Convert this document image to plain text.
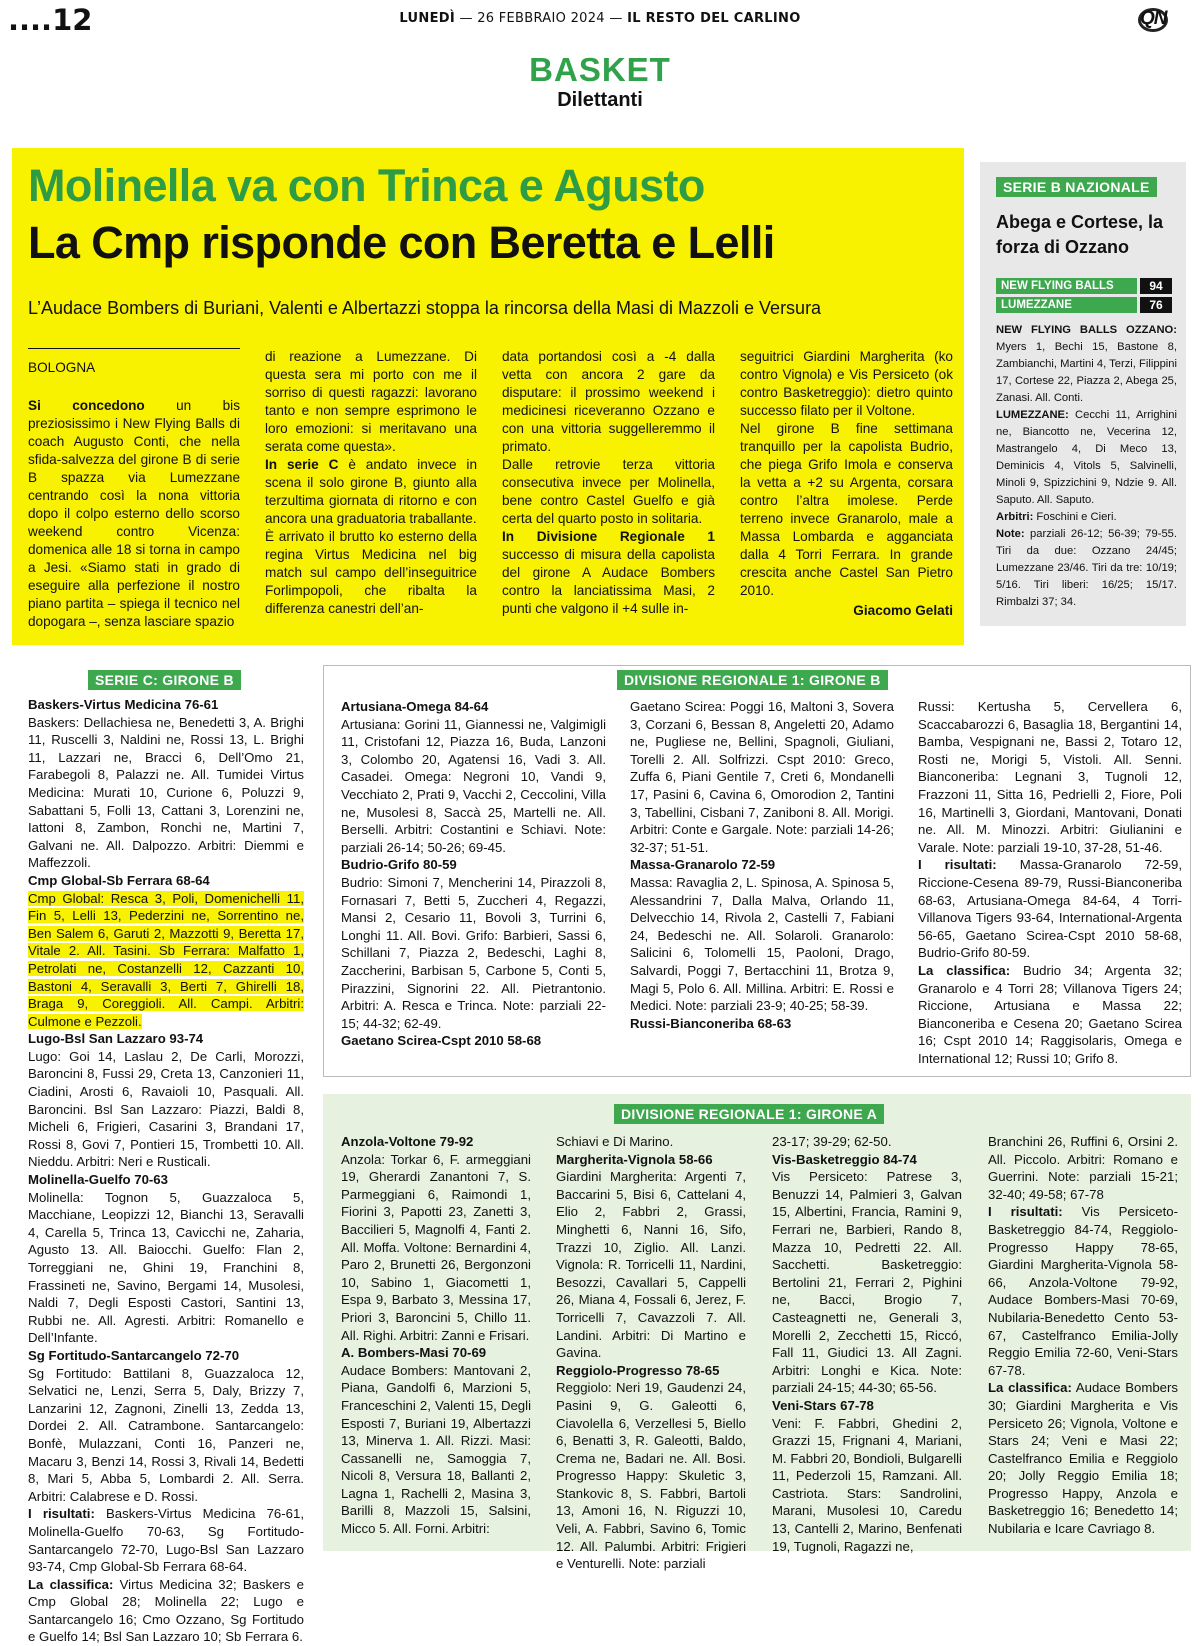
....12	LUNEDÌ — 26 FEBBRAIO 2024 — IL RESTO DEL CARLINO	QN
BASKET
Dilettanti
Molinella va con Trinca e Agusto
La Cmp risponde con Beretta e Lelli
L’Audace Bombers di Buriani, Valenti e Albertazzi stoppa la rincorsa della Masi di Mazzoli e Versura
BOLOGNA

Si concedono un bis preziosissimo i New Flying Balls di coach Augusto Conti, che nella sfida-salvezza del girone B di serie B spazza via Lumezzane centrando così la nona vittoria dopo il colpo esterno dello scorso weekend contro Vicenza: domenica alle 18 si torna in campo a Jesi. «Siamo stati in grado di eseguire alla perfezione il nostro piano partita – spiega il tecnico nel dopogara –, senza lasciare spazio

di reazione a Lumezzane. Di questa sera mi porto con me il sorriso di questi ragazzi: lavorano tanto e non sempre esprimono le loro emozioni: si meritavano una serata come questa».

In serie C è andato invece in scena il solo girone B, giunto alla terzultima giornata di ritorno e con ancora una graduatoria traballante.

È arrivato il brutto ko esterno della regina Virtus Medicina nel big match sul campo dell’inseguitrice Forlimpopoli, che ribalta la differenza canestri dell’an-

data portandosi così a -4 dalla vetta con ancora 2 gare da disputare: il prossimo weekend i medicinesi riceveranno Ozzano e con una vittoria suggelleremmo il primato.

Dalle retrovie terza vittoria consecutiva invece per Molinella, bene contro Castel Guelfo e già certa del quarto posto in solitaria.

In Divisione Regionale 1 successo di misura della capolista del girone A Audace Bombers contro la lanciatissima Masi, 2 punti che valgono il +4 sulle in-

seguitrici Giardini Margherita (ko contro Vignola) e Vis Persiceto (ok contro Basketreggio): dietro quinto successo filato per il Voltone.

Nel girone B fine settimana tranquillo per la capolista Budrio, che piega Grifo Imola e conserva la vetta a +2 su Argenta, corsara contro l’altra imolese. Perde terreno invece Granarolo, male a Massa Lombarda e agganciata dalla 4 Torri Ferrara. In grande crescita anche Castel San Pietro 2010.

Giacomo Gelati
SERIE B NAZIONALE
Abega e Cortese, la forza di Ozzano
NEW FLYING BALLS	94
LUMEZZANE	76

NEW FLYING BALLS OZZANO: Myers 1, Bechi 15, Bastone 8, Zambianchi, Martini 4, Terzi, Filippini 17, Cortese 22, Piazza 2, Abega 25, Zanasi. All. Conti.

LUMEZZANE: Cecchi 11, Arrighini ne, Biancotto ne, Vecerina 12, Mastrangelo 4, Di Meco 13, Deminicis 4, Vitols 5, Salvinelli, Minoli 9, Spizzichini 9, Ndzie 9. All. Saputo. All. Saputo.

Arbitri: Foschini e Cieri.

Note: parziali 26-12; 56-39; 79-55. Tiri da due: Ozzano 24/45; Lumezzane 23/46. Tiri da tre: 10/19; 5/16. Tiri liberi: 16/25; 15/17. Rimbalzi 37; 34.

SERIE C: GIRONE B
Baskers-Virtus Medicina 76-61
Baskers: Dellachiesa ne, Benedetti 3, A. Brighi 11, Ruscelli 3, Naldini ne, Rossi 13, L. Brighi 11, Lazzari ne, Bracci 6, Dell’Omo 21, Farabegoli 8, Palazzi ne. All. Tumidei Virtus Medicina: Murati 10, Curione 6, Poluzzi 9, Sabattani 5, Folli 13, Cattani 3, Lorenzini ne, Iattoni 8, Zambon, Ronchi ne, Martini 7, Galvani ne. All. Dalpozzo. Arbitri: Diemmi e Maffezzoli.
Cmp Global-Sb Ferrara 68-64
Cmp Global: Resca 3, Poli, Domenichelli 11, Fin 5, Lelli 13, Pederzini ne, Sorrentino ne, Ben Salem 6, Garuti 2, Mazzotti 9, Beretta 17, Vitale 2. All. Tasini. Sb Ferrara: Malfatto 1, Petrolati ne, Costanzelli 12, Cazzanti 10, Bastoni 4, Seravalli 3, Berti 7, Ghirelli 18, Braga 9, Coreggioli. All. Campi. Arbitri: Culmone e Pezzoli.
Lugo-Bsl San Lazzaro 93-74
Lugo: Goi 14, Laslau 2, De Carli, Morozzi, Baroncini 8, Fussi 29, Creta 13, Canzonieri 11, Ciadini, Arosti 6, Ravaioli 10, Pasquali. All. Baroncini. Bsl San Lazzaro: Piazzi, Baldi 8, Micheli 6, Frigieri, Casarini 3, Brandani 17, Rossi 8, Govi 7, Pontieri 15, Trombetti 10. All. Nieddu. Arbitri: Neri e Rusticali.
Molinella-Guelfo 70-63
Molinella: Tognon 5, Guazzaloca 5, Macchiane, Leopizzi 12, Bianchi 13, Seravalli 4, Carella 5, Trinca 13, Cavicchi ne, Zaharia, Agusto 13. All. Baiocchi. Guelfo: Flan 2, Torreggiani ne, Ghini 19, Franchini 8, Frassineti ne, Savino, Bergami 14, Musolesi, Naldi 7, Degli Esposti Castori, Santini 13, Rubbi ne. All. Agresti. Arbitri: Romanello e Dell’Infante.
Sg Fortitudo-Santarcangelo 72-70
Sg Fortitudo: Battilani 8, Guazzaloca 12, Selvatici ne, Lenzi, Serra 5, Daly, Brizzy 7, Lanzarini 12, Zagnoni, Zinelli 13, Zedda 13, Dordei 2. All. Catrambone. Santarcangelo: Bonfè, Mulazzani, Conti 16, Panzeri ne, Macaru 3, Benzi 14, Rossi 3, Rivali 14, Bedetti 8, Mari 5, Abba 5, Lombardi 2. All. Serra. Arbitri: Calabrese e D. Rossi.
I risultati: Baskers-Virtus Medicina 76-61, Molinella-Guelfo 70-63, Sg Fortitudo-Santarcangelo 72-70, Lugo-Bsl San Lazzaro 93-74, Cmp Global-Sb Ferrara 68-64.
La classifica: Virtus Medicina 32; Baskers e Cmp Global 28; Molinella 22; Lugo e Santarcangelo 16; Cmo Ozzano, Sg Fortitudo e Guelfo 14; Bsl San Lazzaro 10; Sb Ferrara 6.
DIVISIONE REGIONALE 1: GIRONE B
Artusiana-Omega 84-64
Artusiana: Gorini 11, Giannessi ne, Valgimigli 11, Cristofani 12, Piazza 16, Buda, Lanzoni 3, Colombo 20, Agatensi 16, Vadi 3. All. Casadei. Omega: Negroni 10, Vandi 9, Vecchiato 2, Prati 9, Vacchi 2, Ceccolini, Villa ne, Musolesi 8, Saccà 25, Martelli ne. All. Berselli. Arbitri: Costantini e Schiavi. Note: parziali 26-14; 50-26; 69-45.
Budrio-Grifo 80-59
Budrio: Simoni 7, Mencherini 14, Pirazzoli 8, Fornasari 7, Betti 5, Zuccheri 4, Regazzi, Mansi 2, Cesario 11, Bovoli 3, Turrini 6, Longhi 11. All. Bovi. Grifo: Barbieri, Sassi 6, Schillani 7, Piazza 2, Bedeschi, Laghi 8, Zaccherini, Barbisan 5, Carbone 5, Conti 5, Pirazzini, Signorini 22. All. Pietrantonio. Arbitri: A. Resca e Trinca. Note: parziali 22-15; 44-32; 62-49.
Gaetano Scirea-Cspt 2010 58-68
Gaetano Scirea: Poggi 16, Maltoni 3, Soverа 3, Corzani 6, Bessan 8, Angeletti 20, Adamo ne, Pugliese ne, Bellini, Spagnoli, Giuliani, Torelli 2. All. Solfrizzi. Cspt 2010: Greco, Zuffa 6, Piani Gentile 7, Creti 6, Mondanelli 17, Pasini 6, Cavina 6, Omorodion 2, Tantini 3, Tabellini, Cisbani 7, Zanіboni 8. All. Morigi. Arbitri: Conte e Gargale. Note: parziali 14-26; 32-37; 51-51.
Massa-Granarolo 72-59
Massa: Ravaglia 2, L. Spinosa, A. Spinosa 5, Alessandrini 7, Dalla Malva, Orlando 11, Delvecchio 14, Rivola 2, Castelli 7, Fabiani 24, Bedeschi ne. All. Solaroli. Granarolo: Salicini 6, Tolomelli 15, Paoloni, Drago, Salvardi, Poggi 7, Bertacchini 11, Brotza 9, Magi 5, Polo 6. All. Millina. Arbitri: E. Rossi e Medici. Note: parziali 23-9; 40-25; 58-39.
Russi-Bianconeriba 68-63
Russi: Kertusha 5, Cervellera 6, Scaccabarozzi 6, Basaglia 18, Bergantini 14, Bamba, Vespignani ne, Bassi 2, Totaro 12, Rosti ne, Morigi 5, Vistoli. All. Senni. Bianconeriba: Legnani 3, Tugnoli 12, Frazzoni 11, Sitta 16, Pedrielli 2, Fiore, Poli 16, Martinelli 3, Giordani, Mantovani, Donati ne. All. M. Minozzi. Arbitri: Giulianini e Varale. Note: parziali 19-10, 37-28, 51-46.
I risultati: Massa-Granarolo 72-59, Riccione-Cesena 89-79, Russi-Bianconeriba 68-63, Artusiana-Omega 84-64, 4 Torri-Villanova Tigers 93-64, International-Argenta 56-65, Gaetano Scirea-Cspt 2010 58-68, Budrio-Grifo 80-59.
La classifica: Budrio 34; Argenta 32; Granarolo e 4 Torri 28; Villanova Tigers 24; Riccione, Artusiana e Massa 22; Bianconeriba e Cesena 20; Gaetano Scirea 16; Cspt 2010 14; Raggisolaris, Omega e International 12; Russi 10; Grifo 8.
DIVISIONE REGIONALE 1: GIRONE A
Anzola-Voltone 79-92
Anzola: Torkar 6, F. armeggiani 19, Gherardi Zanantoni 7, S. Parmeggiani 6, Raimondi 1, Fiorini 3, Papotti 23, Zanetti 3, Baccilieri 5, Magnolfi 4, Fanti 2. All. Moffa. Voltone: Bernardini 4, Paro 2, Brunetti 26, Bergonzoni 10, Sabino 1, Giacometti 1, Espa 9, Barbato 3, Messina 17, Priori 3, Baroncini 5, Chillo 11. All. Righi. Arbitri: Zanni e Frisari.
A. Bombers-Masi 70-69
Audace Bombers: Mantovani 2, Piana, Gandolfi 6, Marzioni 5, Franceschini 2, Valenti 15, Degli Esposti 7, Buriani 19, Albertazzi 13, Minerva 1. All. Rizzi. Masi: Cassanelli ne, Samoggia 7, Nicoli 8, Versura 18, Ballanti 2, Lagna 1, Rachelli 2, Masina 3, Barilli 8, Mazzoli 15, Salsini, Micco 5. All. Forni. Arbitri:
Schiavi e Di Marino.
Margherita-Vignola 58-66
Giardini Margherita: Argenti 7, Baccarini 5, Bisi 6, Cattelani 4, Elio 2, Fabbri 2, Grassi, Minghetti 6, Nanni 16, Sifo, Trazzi 10, Ziglio. All. Lanzi. Vignola: R. Torricelli 11, Nardini, Besozzi, Cavallari 5, Cappelli 26, Miana 4, Fossali 6, Jerez, F. Torricelli 7, Cavazzoli 7. All. Landini. Arbitri: Di Martino e Gavina.
Reggiolo-Progresso 78-65
Reggiolo: Neri 19, Gaudenzi 24, Pasini 9, G. Galeotti 6, Ciavolella 6, Verzellesi 5, Biello 6, Benatti 3, R. Galeotti, Baldo, Crema ne, Badari ne. All. Bosi. Progresso Happy: Skuletic 3, Stankovic 8, S. Fabbri, Bartoli 13, Amoni 16, N. Riguzzi 10, Veli, A. Fabbri, Savino 6, Tomic 12. All. Palumbi. Arbitri: Frigieri e Venturelli. Note: parziali
23-17; 39-29; 62-50.
Vis-Basketreggio 84-74
Vis Persiceto: Patrese 3, Benuzzi 14, Palmieri 3, Galvan 15, Albertini, Francia, Ramini 9, Ferrari ne, Barbieri, Rando 8, Mazza 10, Pedretti 22. All. Sacchetti. Basketreggio: Bertolini 21, Ferrari 2, Pighini ne, Bacci, Brogio 7, Casteagnetti ne, Generali 3, Morelli 2, Zecchetti 15, Riccó, Fall 11, Giudici 13. All Zagni. Arbitri: Longhi e Kica. Note: parziali 24-15; 44-30; 65-56.
Veni-Stars 67-78
Veni: F. Fabbri, Ghedini 2, Grazzi 15, Frignani 4, Mariani, M. Fabbri 20, Bondioli, Bulgarelli 11, Pederzoli 15, Ramzani. All. Castriota. Stars: Sandrolini, Marani, Musolesi 10, Caredu 13, Cantelli 2, Marino, Benfenati 19, Tugnoli, Ragazzi ne,
Branchini 26, Ruffini 6, Orsini 2. All. Piccolo. Arbitri: Romano e Guerrini. Note: parziali 15-21; 32-40; 49-58; 67-78
I risultati: Vis Persiceto-Basketreggio 84-74, Reggiolo-Progresso Happy 78-65, Giardini Margherita-Vignola 58-66, Anzola-Voltone 79-92, Audace Bombers-Masi 70-69, Nubilaria-Benedetto Cento 53-67, Castelfranco Emilia-Jolly Reggio Emilia 72-60, Veni-Stars 67-78.
La classifica: Audace Bombers 30; Giardini Margherita e Vis Persiceto 26; Vignola, Voltone e Stars 24; Veni e Masi 22; Castelfranco Emilia e Reggiolo 20; Jolly Reggio Emilia 18; Progresso Happy, Anzola e Basketreggio 16; Benedetto 14; Nubilaria e Icare Cavriago 8.
